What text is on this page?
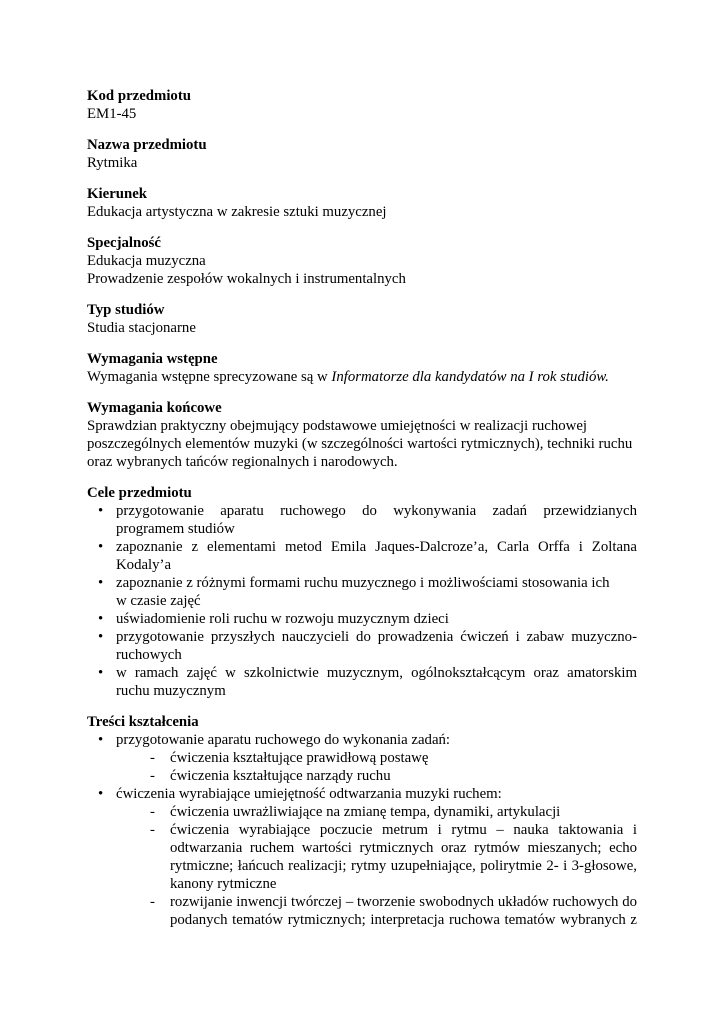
Kod przedmiotu
EM1-45
Nazwa przedmiotu
Rytmika
Kierunek
Edukacja artystyczna w zakresie sztuki muzycznej
Specjalność
Edukacja muzyczna
Prowadzenie zespołów wokalnych i instrumentalnych
Typ studiów
Studia stacjonarne
Wymagania wstępne
Wymagania wstępne sprecyzowane są w Informatorze dla kandydatów na I rok studiów.
Wymagania końcowe
Sprawdzian praktyczny obejmujący podstawowe umiejętności w realizacji ruchowej
poszczególnych elementów muzyki (w szczególności wartości rytmicznych), techniki ruchu
oraz wybranych tańców regionalnych i narodowych.
Cele przedmiotu
• przygotowanie aparatu ruchowego do wykonywania zadań przewidzianych
programem studiów
• zapoznanie z elementami metod Emila Jaques-Dalcroze’a, Carla Orffa i Zoltana
Kodaly’a
• zapoznanie z różnymi formami ruchu muzycznego i możliwościami stosowania ich
w czasie zajęć
• uświadomienie roli ruchu w rozwoju muzycznym dzieci
• przygotowanie przyszłych nauczycieli do prowadzenia ćwiczeń i zabaw muzyczno-
ruchowych
• w ramach zajęć w szkolnictwie muzycznym, ogólnokształcącym oraz amatorskim
ruchu muzycznym
Treści kształcenia
• przygotowanie aparatu ruchowego do wykonania zadań:
- ćwiczenia kształtujące prawidłową postawę
- ćwiczenia kształtujące narządy ruchu
• ćwiczenia wyrabiające umiejętność odtwarzania muzyki ruchem:
- ćwiczenia uwrażliwiające na zmianę tempa, dynamiki, artykulacji
- ćwiczenia wyrabiające poczucie metrum i rytmu – nauka taktowania i
odtwarzania ruchem wartości rytmicznych oraz rytmów mieszanych; echo
rytmiczne; łańcuch realizacji; rytmy uzupełniające, polirytmie 2- i 3-głosowe,
kanony rytmiczne
- rozwijanie inwencji twórczej – tworzenie swobodnych układów ruchowych do
podanych tematów rytmicznych; interpretacja ruchowa tematów wybranych z
